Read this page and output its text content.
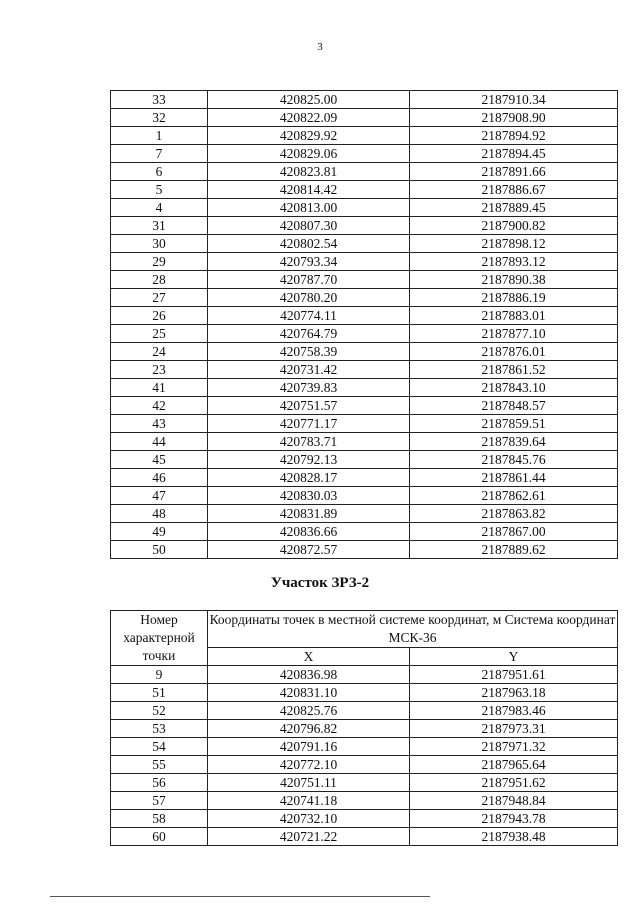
3
33	420825.00	2187910.34
32	420822.09	2187908.90
1	420829.92	2187894.92
7	420829.06	2187894.45
6	420823.81	2187891.66
5	420814.42	2187886.67
4	420813.00	2187889.45
31	420807.30	2187900.82
30	420802.54	2187898.12
29	420793.34	2187893.12
28	420787.70	2187890.38
27	420780.20	2187886.19
26	420774.11	2187883.01
25	420764.79	2187877.10
24	420758.39	2187876.01
23	420731.42	2187861.52
41	420739.83	2187843.10
42	420751.57	2187848.57
43	420771.17	2187859.51
44	420783.71	2187839.64
45	420792.13	2187845.76
46	420828.17	2187861.44
47	420830.03	2187862.61
48	420831.89	2187863.82
49	420836.66	2187867.00
50	420872.57	2187889.62
Участок ЗРЗ-2
Номер характерной точки	Координаты точек в местной системе координат, м Система координат МСК-36	
	X	Y
9	420836.98	2187951.61
51	420831.10	2187963.18
52	420825.76	2187983.46
53	420796.82	2187973.31
54	420791.16	2187971.32
55	420772.10	2187965.64
56	420751.11	2187951.62
57	420741.18	2187948.84
58	420732.10	2187943.78
60	420721.22	2187938.48
